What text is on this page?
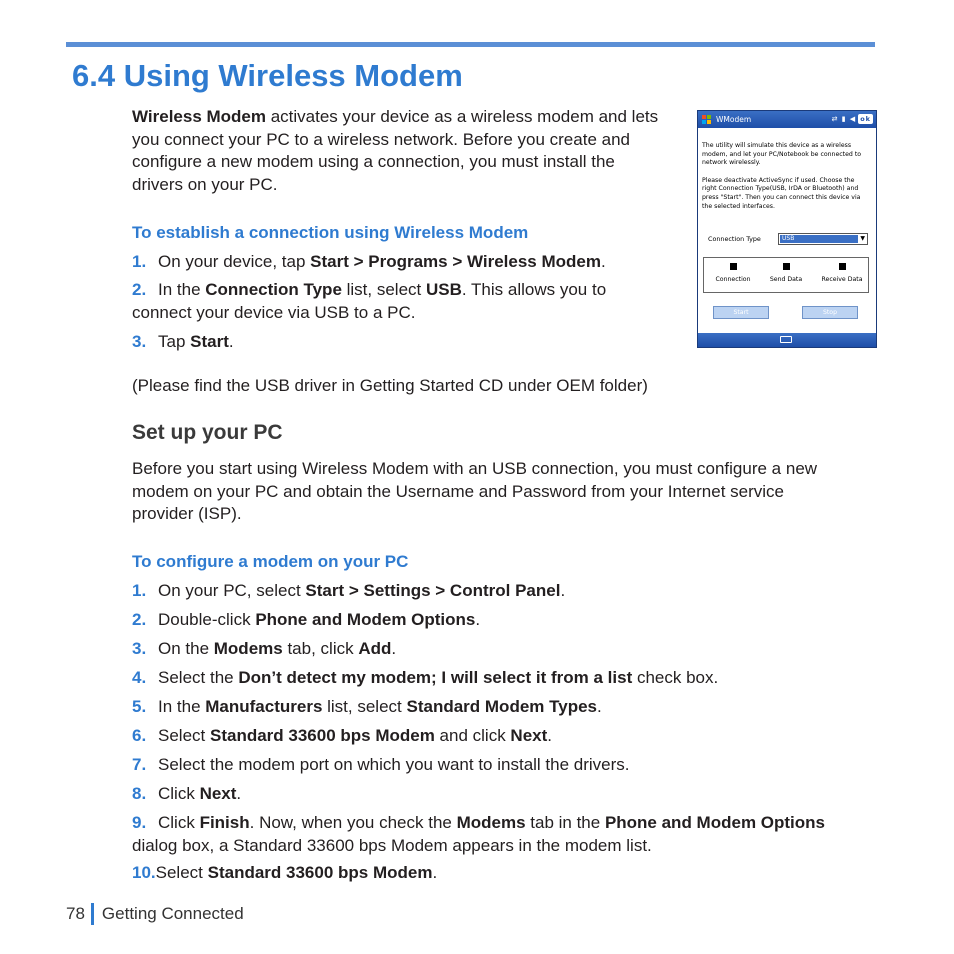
6.4 Using Wireless Modem

Wireless Modem activates your device as a wireless modem and lets you connect your PC to a wireless network. Before you create and configure a new modem using a connection, you must install the drivers on your PC.

To establish a connection using Wireless Modem

1. On your device, tap Start > Programs > Wireless Modem.

2. In the Connection Type list, select USB. This allows you to connect your device via USB to a PC.

3. Tap Start.

(Please find the USB driver in Getting Started CD under OEM folder)

Set up your PC

Before you start using Wireless Modem with an USB connection, you must configure a new modem on your PC and obtain the Username and Password from your Internet service provider (ISP).

To configure a modem on your PC

1. On your PC, select Start > Settings > Control Panel.

2. Double-click Phone and Modem Options.

3. On the Modems tab, click Add.

4. Select the Don’t detect my modem; I will select it from a list check box.

5. In the Manufacturers list, select Standard Modem Types.

6. Select Standard 33600 bps Modem and click Next.

7. Select the modem port on which you want to install the drivers.

8. Click Next.

9. Click Finish. Now, when you check the Modems tab in the Phone and Modem Options dialog box, a Standard 33600 bps Modem appears in the modem list.

10.Select Standard 33600 bps Modem.

WModem	⇄ ▮ ◀ ok
The utility will simulate this device as a wireless modem, and let your PC/Notebook be connected to network wirelessly.
Please deactivate ActiveSync if used. Choose the right Connection Type(USB, IrDA or Bluetooth) and press "Start". Then you can connect this device via the selected interfaces.
Connection Type	USB	▼
Connection	Send Data	Receive Data
Start	Stop
78 Getting Connected
